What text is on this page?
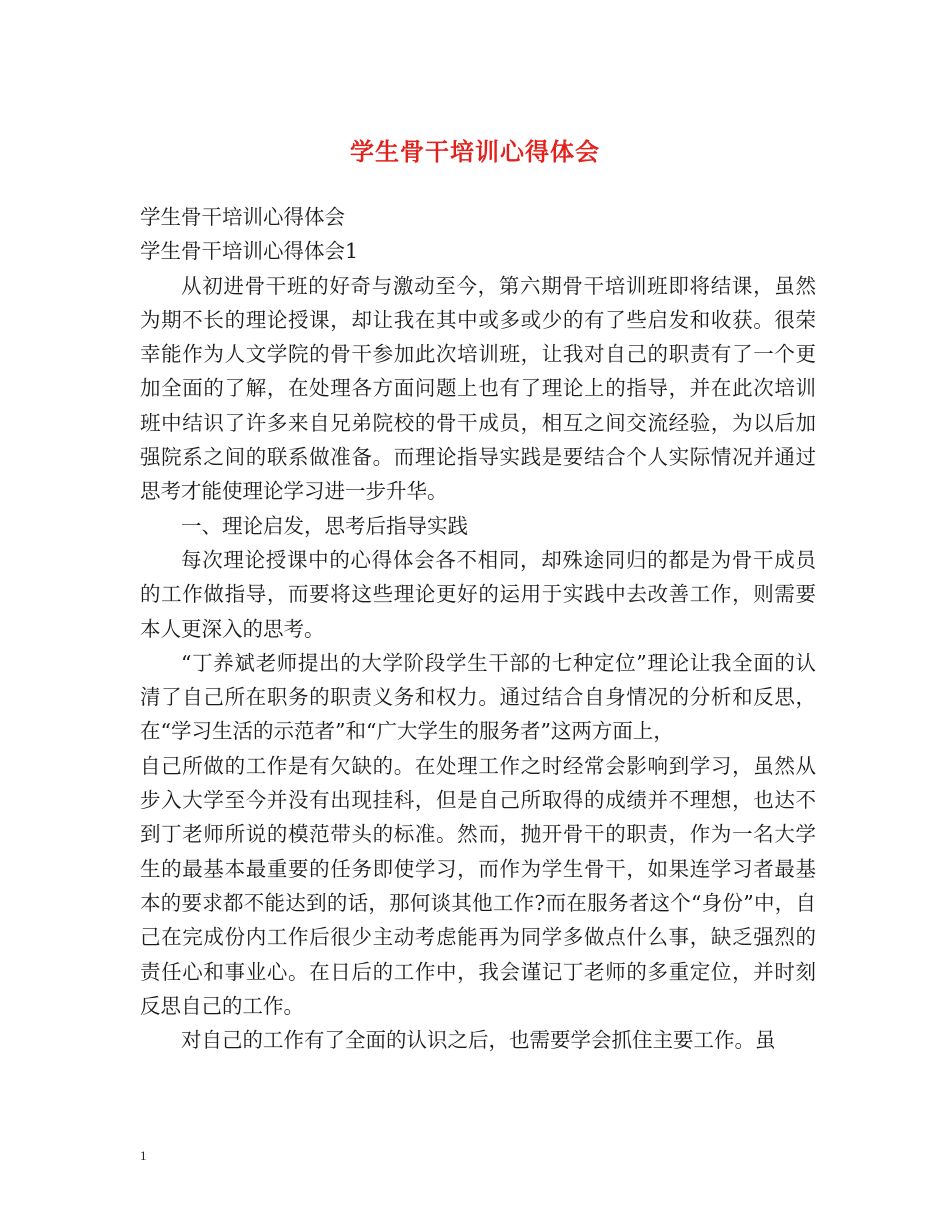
学生骨干培训心得体会

学生骨干培训心得体会

学生骨干培训心得体会1

从初进骨干班的好奇与激动至今，第六期骨干培训班即将结课，虽然为期不长的理论授课，却让我在其中或多或少的有了些启发和收获。很荣幸能作为人文学院的骨干参加此次培训班，让我对自己的职责有了一个更加全面的了解，在处理各方面问题上也有了理论上的指导，并在此次培训班中结识了许多来自兄弟院校的骨干成员，相互之间交流经验，为以后加强院系之间的联系做准备。而理论指导实践是要结合个人实际情况并通过思考才能使理论学习进一步升华。

一、理论启发，思考后指导实践

每次理论授课中的心得体会各不相同，却殊途同归的都是为骨干成员的工作做指导，而要将这些理论更好的运用于实践中去改善工作，则需要本人更深入的思考。

“丁养斌老师提出的大学阶段学生干部的七种定位”理论让我全面的认清了自己所在职务的职责义务和权力。通过结合自身情况的分析和反思，在“学习生活的示范者”和“广大学生的服务者”这两方面上，

自己所做的工作是有欠缺的。在处理工作之时经常会影响到学习，虽然从步入大学至今并没有出现挂科，但是自己所取得的成绩并不理想，也达不到丁老师所说的模范带头的标准。然而，抛开骨干的职责，作为一名大学生的最基本最重要的任务即使学习，而作为学生骨干，如果连学习者最基本的要求都不能达到的话，那何谈其他工作?而在服务者这个“身份”中，自己在完成份内工作后很少主动考虑能再为同学多做点什么事，缺乏强烈的责任心和事业心。在日后的工作中，我会谨记丁老师的多重定位，并时刻反思自己的工作。

对自己的工作有了全面的认识之后，也需要学会抓住主要工作。虽

1
